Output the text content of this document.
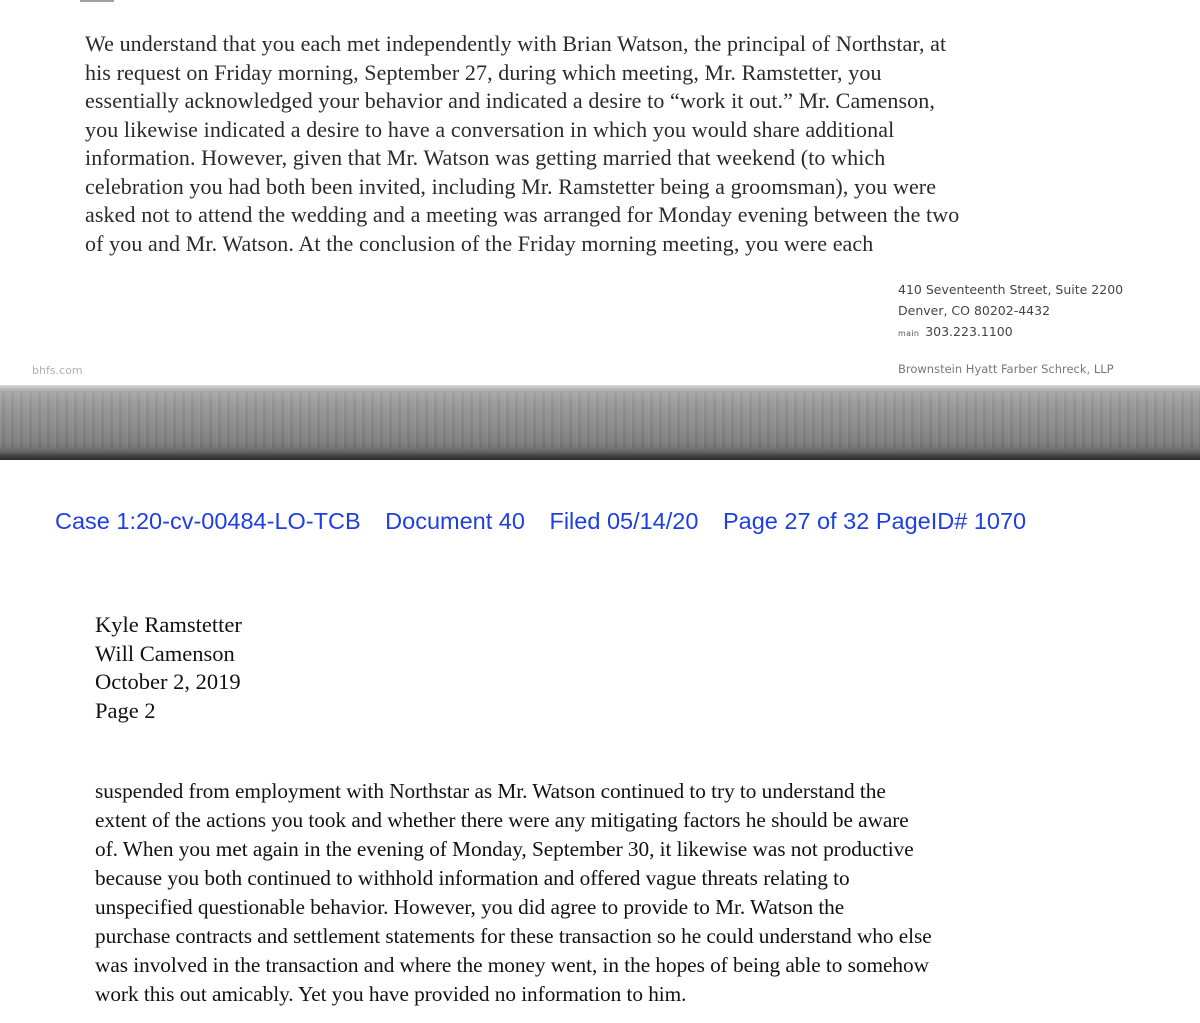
We understand that you each met independently with Brian Watson, the principal of Northstar, at
his request on Friday morning, September 27, during which meeting, Mr. Ramstetter, you
essentially acknowledged your behavior and indicated a desire to “work it out.” Mr. Camenson,
you likewise indicated a desire to have a conversation in which you would share additional
information. However, given that Mr. Watson was getting married that weekend (to which
celebration you had both been invited, including Mr. Ramstetter being a groomsman), you were
asked not to attend the wedding and a meeting was arranged for Monday evening between the two
of you and Mr. Watson. At the conclusion of the Friday morning meeting, you were each

410 Seventeenth Street, Suite 2200
Denver, CO 80202-4432
main 303.223.1100
bhfs.com	Brownstein Hyatt Farber Schreck, LLP
Case 1:20-cv-00484-LO-TCB Document 40 Filed 05/14/20 Page 27 of 32 PageID# 1070
Kyle Ramstetter
Will Camenson
October 2, 2019
Page 2

suspended from employment with Northstar as Mr. Watson continued to try to understand the
extent of the actions you took and whether there were any mitigating factors he should be aware
of. When you met again in the evening of Monday, September 30, it likewise was not productive
because you both continued to withhold information and offered vague threats relating to
unspecified questionable behavior. However, you did agree to provide to Mr. Watson the
purchase contracts and settlement statements for these transaction so he could understand who else
was involved in the transaction and where the money went, in the hopes of being able to somehow
work this out amicably. Yet you have provided no information to him.
